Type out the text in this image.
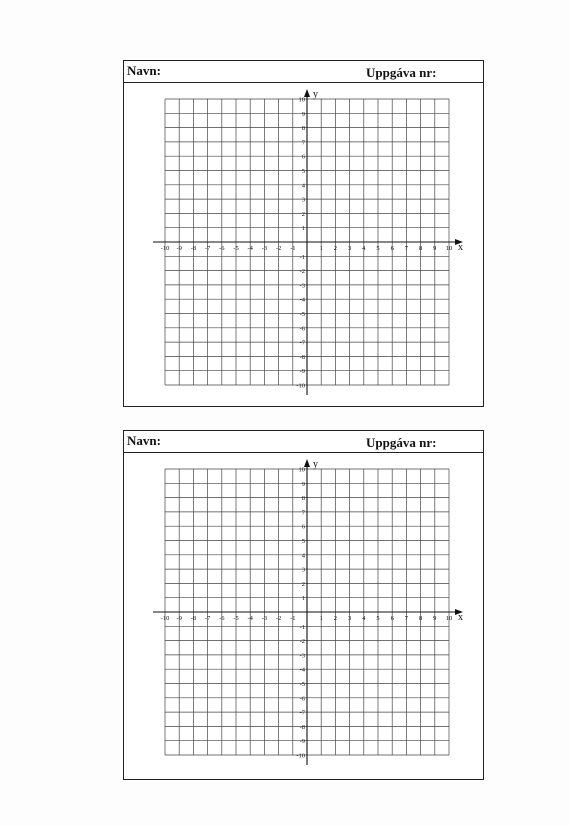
Navn:	Uppgáva nr:
x
y
-10 -9 -8 -7 -6 -5 -4 -3 -2 -1	1 2 3 4 5 6 7 8 9 10
10
9
8
7
6
5
4
3
2
1
-1
-2
-3
-4
-5
-6
-7
-8
-9
-10
Navn:	Uppgáva nr:
x
y
-10 -9 -8 -7 -6 -5 -4 -3 -2 -1	1 2 3 4 5 6 7 8 9 10
10
9
8
7
6
5
4
3
2
1
-1
-2
-3
-4
-5
-6
-7
-8
-9
-10
